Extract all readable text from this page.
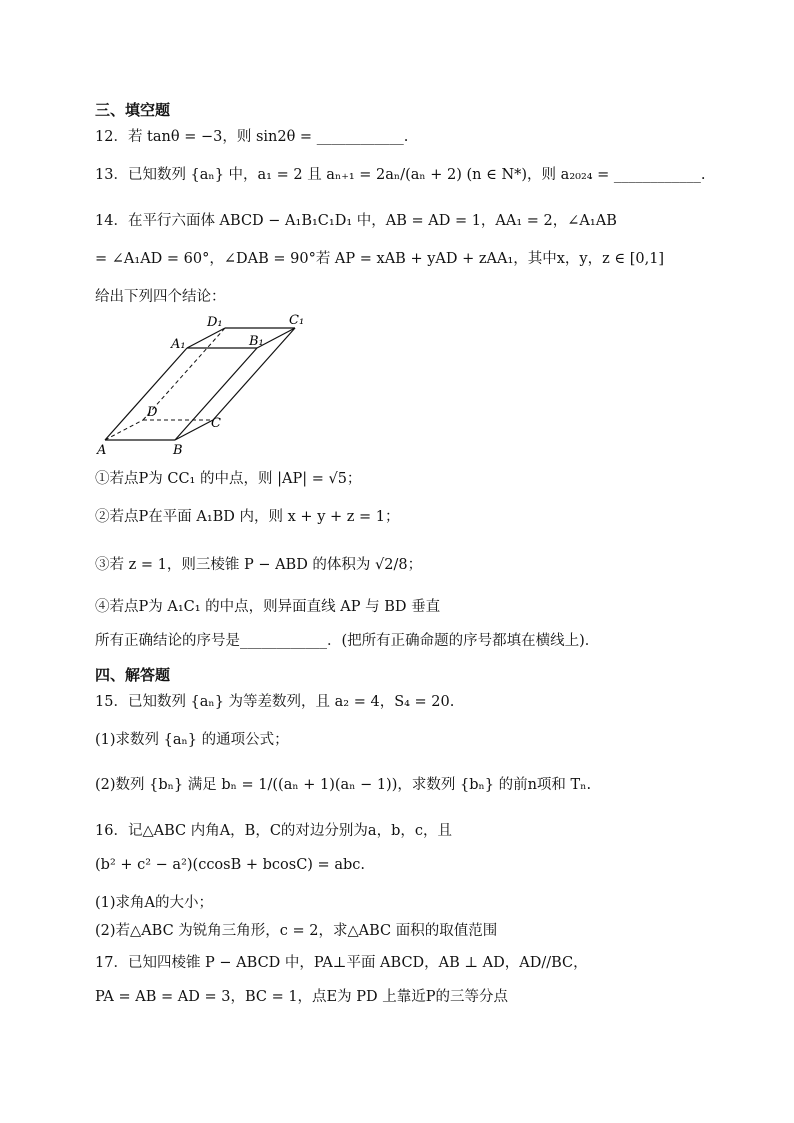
三、填空题
12．若 tanθ = −3，则 sin2θ = ____________.
13．已知数列 {aₙ} 中，a₁ = 2 且 aₙ₊₁ = 2aₙ/(aₙ + 2) (n ∈ N*)，则 a₂₀₂₄ = ____________.
14．在平行六面体 ABCD − A₁B₁C₁D₁ 中，AB = AD = 1，AA₁ = 2，∠A₁AB
= ∠A₁AD = 60°，∠DAB = 90°若 AP = xAB + yAD + zAA₁，其中x，y，z ∈ [0,1]
给出下列四个结论：
D₁	C₁
A₁	B₁
D
C
A	B
①若点P为 CC₁ 的中点，则 |AP| = √5；
②若点P在平面 A₁BD 内，则 x + y + z = 1；
③若 z = 1，则三棱锥 P − ABD 的体积为 √2/8；
④若点P为 A₁C₁ 的中点，则异面直线 AP 与 BD 垂直
所有正确结论的序号是____________．(把所有正确命题的序号都填在横线上)．
四、解答题
15．已知数列 {aₙ} 为等差数列，且 a₂ = 4，S₄ = 20.
(1)求数列 {aₙ} 的通项公式；
(2)数列 {bₙ} 满足 bₙ = 1/((aₙ + 1)(aₙ − 1))，求数列 {bₙ} 的前n项和 Tₙ.
16．记△ABC 内角A，B，C的对边分别为a，b，c，且
(b² + c² − a²)(ccosB + bcosC) = abc.
(1)求角A的大小；
(2)若△ABC 为锐角三角形，c = 2，求△ABC 面积的取值范围
17．已知四棱锥 P − ABCD 中，PA⊥平面 ABCD，AB ⊥ AD，AD//BC，
PA = AB = AD = 3，BC = 1，点E为 PD 上靠近P的三等分点
